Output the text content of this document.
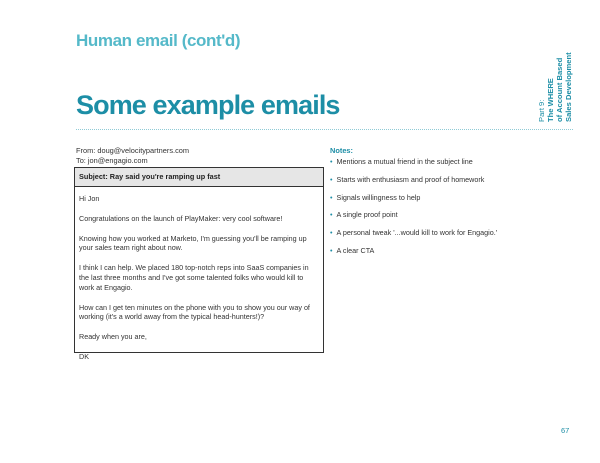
Human email (cont'd)
Some example emails	Part 9: The WHERE of Account Based Sales Development
From: doug@velocitypartners.com
To: jon@engagio.com
Subject: Ray said you're ramping up fast

Hi Jon

Congratulations on the launch of PlayMaker: very cool software!

Knowing how you worked at Marketo, I'm guessing you'll be ramping up your sales team right about now.

I think I can help. We placed 180 top-notch reps into SaaS companies in the last three months and I've got some talented folks who would kill to work at Engagio.

How can I get ten minutes on the phone with you to show you our way of working (it's a world away from the typical head-hunters!)?

Ready when you are,

DK

Notes:
• Mentions a mutual friend in the subject line
• Starts with enthusiasm and proof of homework
• Signals willingness to help
• A single proof point
• A personal tweak '...would kill to work for Engagio.'
• A clear CTA
67
